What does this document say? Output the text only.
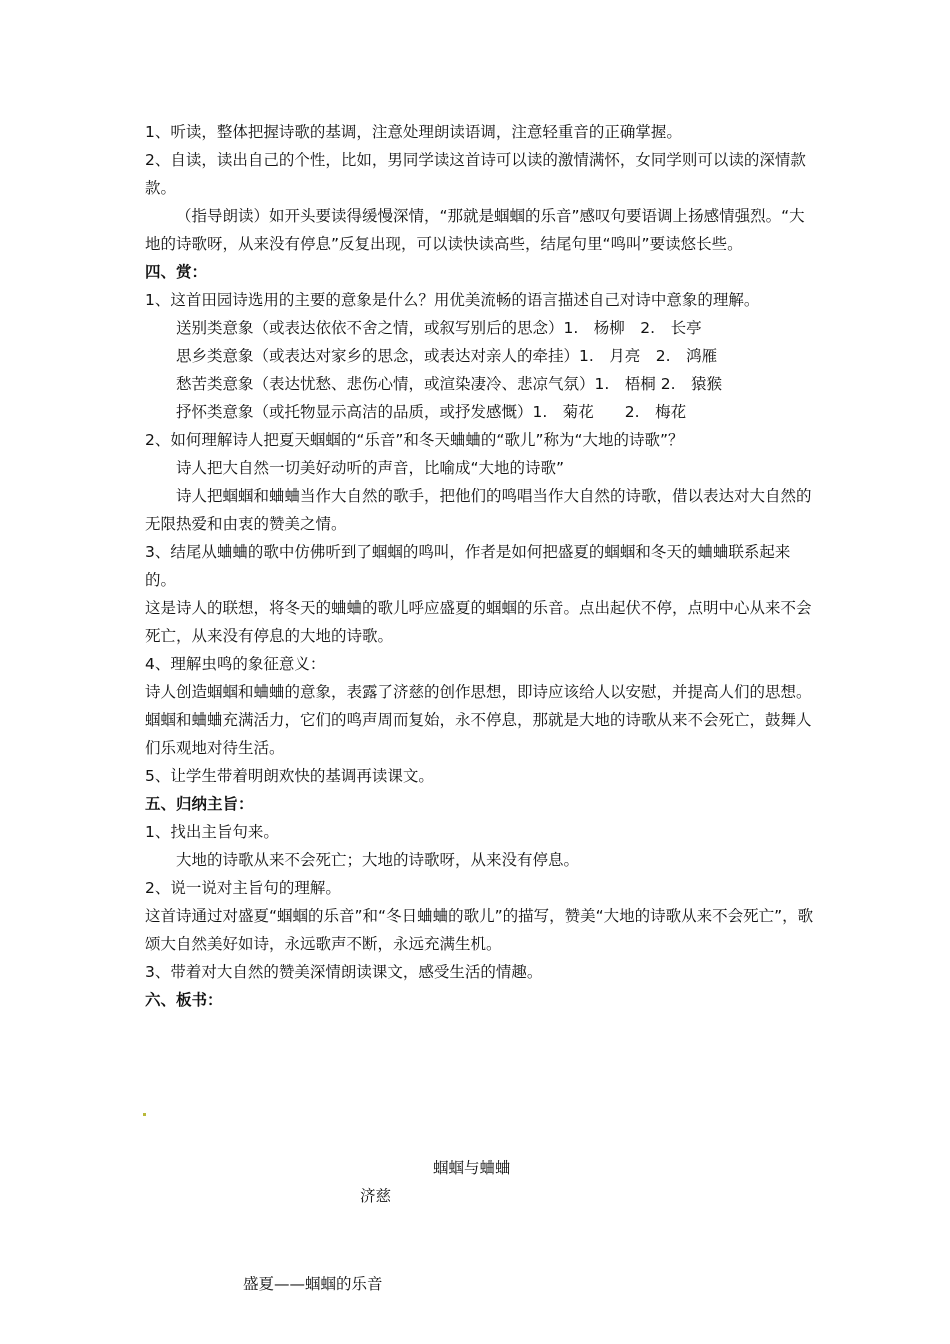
1、听读，整体把握诗歌的基调，注意处理朗读语调，注意轻重音的正确掌握。

2、自读，读出自己的个性，比如，男同学读这首诗可以读的激情满怀，女同学则可以读的深情款款。

（指导朗读）如开头要读得缓慢深情，“那就是蝈蝈的乐音”感叹句要语调上扬感情强烈。“大地的诗歌呀，从来没有停息”反复出现，可以读快读高些，结尾句里“鸣叫”要读悠长些。

四、赏：

1、这首田园诗选用的主要的意象是什么？用优美流畅的语言描述自己对诗中意象的理解。

送别类意象（或表达依依不舍之情，或叙写别后的思念）1.　杨柳　2.　长亭

思乡类意象（或表达对家乡的思念，或表达对亲人的牵挂）1.　月亮　2.　鸿雁

愁苦类意象（表达忧愁、悲伤心情，或渲染凄冷、悲凉气氛）1.　梧桐 2.　猿猴

抒怀类意象（或托物显示高洁的品质，或抒发感慨）1.　菊花　　2.　梅花

2、如何理解诗人把夏天蝈蝈的“乐音”和冬天蛐蛐的“歌儿”称为“大地的诗歌”？

诗人把大自然一切美好动听的声音，比喻成“大地的诗歌”

诗人把蝈蝈和蛐蛐当作大自然的歌手，把他们的鸣唱当作大自然的诗歌，借以表达对大自然的无限热爱和由衷的赞美之情。

3、结尾从蛐蛐的歌中仿佛听到了蝈蝈的鸣叫，作者是如何把盛夏的蝈蝈和冬天的蛐蛐联系起来的。

这是诗人的联想，将冬天的蛐蛐的歌儿呼应盛夏的蝈蝈的乐音。点出起伏不停，点明中心从来不会死亡，从来没有停息的大地的诗歌。

4、理解虫鸣的象征意义：

诗人创造蝈蝈和蛐蛐的意象，表露了济慈的创作思想，即诗应该给人以安慰，并提高人们的思想。蝈蝈和蛐蛐充满活力，它们的鸣声周而复始，永不停息，那就是大地的诗歌从来不会死亡，鼓舞人们乐观地对待生活。

5、让学生带着明朗欢快的基调再读课文。

五、归纳主旨：

1、找出主旨句来。

大地的诗歌从来不会死亡；大地的诗歌呀，从来没有停息。

2、说一说对主旨句的理解。

这首诗通过对盛夏“蝈蝈的乐音”和“冬日蛐蛐的歌儿”的描写，赞美“大地的诗歌从来不会死亡”，歌颂大自然美好如诗，永远歌声不断，永远充满生机。

3、带着对大自然的赞美深情朗读课文，感受生活的情趣。

六、板书：

蝈蝈与蛐蛐
济慈
盛夏——蝈蝈的乐音
